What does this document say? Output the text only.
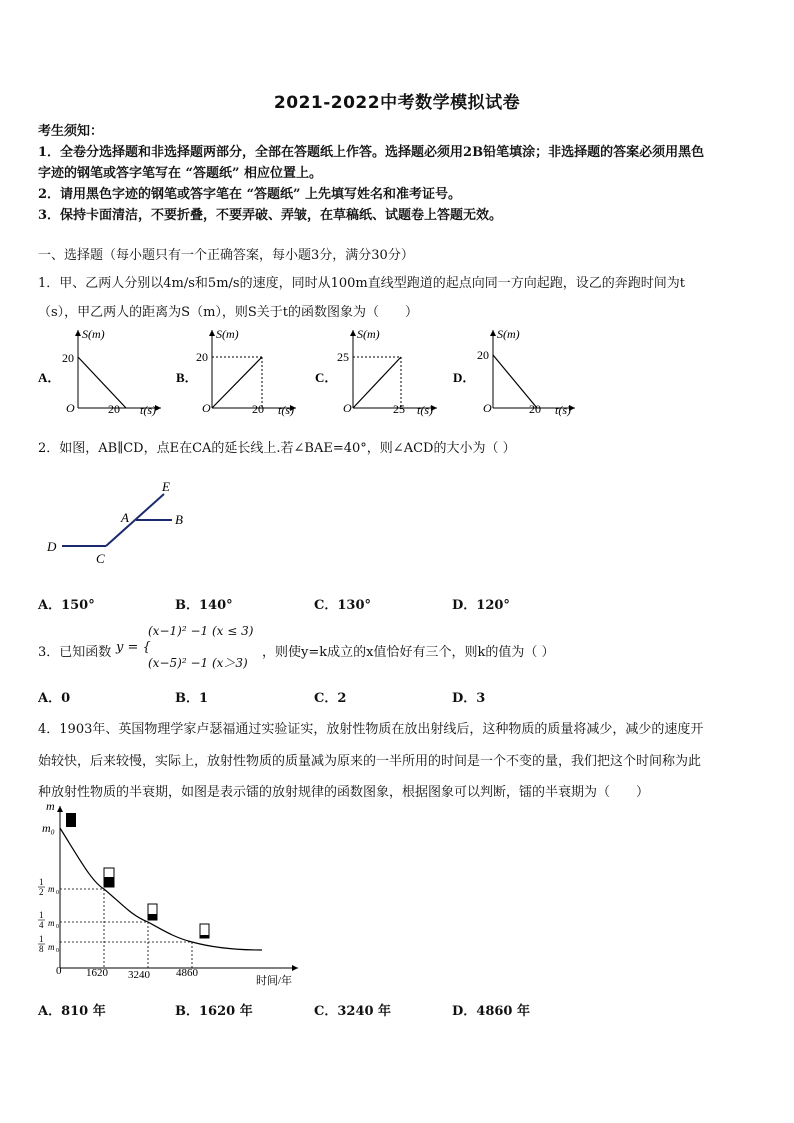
2021-2022中考数学模拟试卷
考生须知：
1．全卷分选择题和非选择题两部分，全部在答题纸上作答。选择题必须用2B铅笔填涂；非选择题的答案必须用黑色
字迹的钢笔或答字笔写在 “答题纸” 相应位置上。
2．请用黑色字迹的钢笔或答字笔在 “答题纸” 上先填写姓名和准考证号。
3．保持卡面清洁，不要折叠，不要弄破、弄皱，在草稿纸、试题卷上答题无效。
一、选择题（每小题只有一个正确答案，每小题3分，满分30分）
1．甲、乙两人分别以4m/s和5m/s的速度，同时从100m直线型跑道的起点向同一方向起跑，设乙的奔跑时间为t
（s），甲乙两人的距离为S（m），则S关于t的函数图象为（　　）
A．
S(m)
20
O	20 t(s)
B．
S(m)
20
O	20 t(s)
C．
S(m)
25
O	25 t(s)
D．
S(m)
20
O	20 t(s)
2．如图，AB∥CD，点E在CA的延长线上.若∠BAE=40°，则∠ACD的大小为（ ）
E
A	B
D
C
A．150°	B．140°	C．130°	D．120°
3．已知函数 y = {
(x−1)² −1 (x ≤ 3)
(x−5)² −1 (x＞3)
，则使y=k成立的x值恰好有三个，则k的值为（ ）
A．0	B．1	C．2	D．3
4．1903年、英国物理学家卢瑟福通过实验证实，放射性物质在放出射线后，这种物质的质量将减少，减少的速度开
始较快，后来较慢，实际上，放射性物质的质量减为原来的一半所用的时间是一个不变的量，我们把这个时间称为此
种放射性物质的半衰期，如图是表示镭的放射规律的函数图象，根据图象可以判断，镭的半衰期为（　　）
m
m₀
1
2 m 0
1
4 m 0
1
8 m 0
0 1620 3240 4860
时间/年
A．810 年	B．1620 年	C．3240 年	D．4860 年
